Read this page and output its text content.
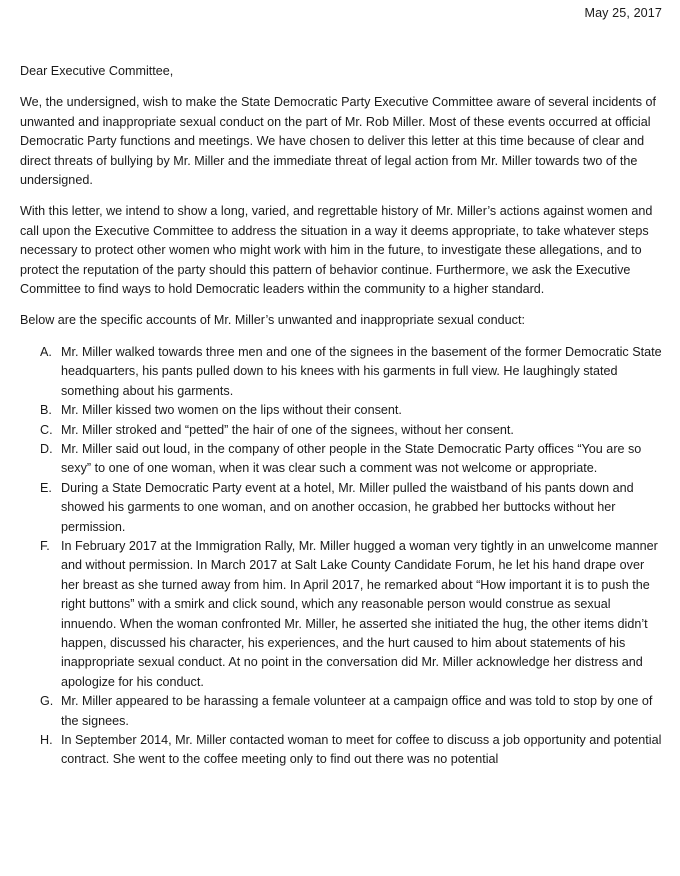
May 25, 2017

Dear Executive Committee,

We, the undersigned, wish to make the State Democratic Party Executive Committee aware of several incidents of unwanted and inappropriate sexual conduct on the part of Mr. Rob Miller. Most of these events occurred at official Democratic Party functions and meetings. We have chosen to deliver this letter at this time because of clear and direct threats of bullying by Mr. Miller and the immediate threat of legal action from Mr. Miller towards two of the undersigned.

With this letter, we intend to show a long, varied, and regrettable history of Mr. Miller’s actions against women and call upon the Executive Committee to address the situation in a way it deems appropriate, to take whatever steps necessary to protect other women who might work with him in the future, to investigate these allegations, and to protect the reputation of the party should this pattern of behavior continue. Furthermore, we ask the Executive Committee to find ways to hold Democratic leaders within the community to a higher standard.

Below are the specific accounts of Mr. Miller’s unwanted and inappropriate sexual conduct:

A. Mr. Miller walked towards three men and one of the signees in the basement of the former Democratic State headquarters, his pants pulled down to his knees with his garments in full view. He laughingly stated something about his garments.
B. Mr. Miller kissed two women on the lips without their consent.
C. Mr. Miller stroked and “petted” the hair of one of the signees, without her consent.
D. Mr. Miller said out loud, in the company of other people in the State Democratic Party offices “You are so sexy” to one of one woman, when it was clear such a comment was not welcome or appropriate.
E. During a State Democratic Party event at a hotel, Mr. Miller pulled the waistband of his pants down and showed his garments to one woman, and on another occasion, he grabbed her buttocks without her permission.
F. In February 2017 at the Immigration Rally, Mr. Miller hugged a woman very tightly in an unwelcome manner and without permission. In March 2017 at Salt Lake County Candidate Forum, he let his hand drape over her breast as she turned away from him. In April 2017, he remarked about “How important it is to push the right buttons” with a smirk and click sound, which any reasonable person would construe as sexual innuendo. When the woman confronted Mr. Miller, he asserted she initiated the hug, the other items didn’t happen, discussed his character, his experiences, and the hurt caused to him about statements of his inappropriate sexual conduct. At no point in the conversation did Mr. Miller acknowledge her distress and apologize for his conduct.
G. Mr. Miller appeared to be harassing a female volunteer at a campaign office and was told to stop by one of the signees.
H. In September 2014, Mr. Miller contacted woman to meet for coffee to discuss a job opportunity and potential contract. She went to the coffee meeting only to find out there was no potential
